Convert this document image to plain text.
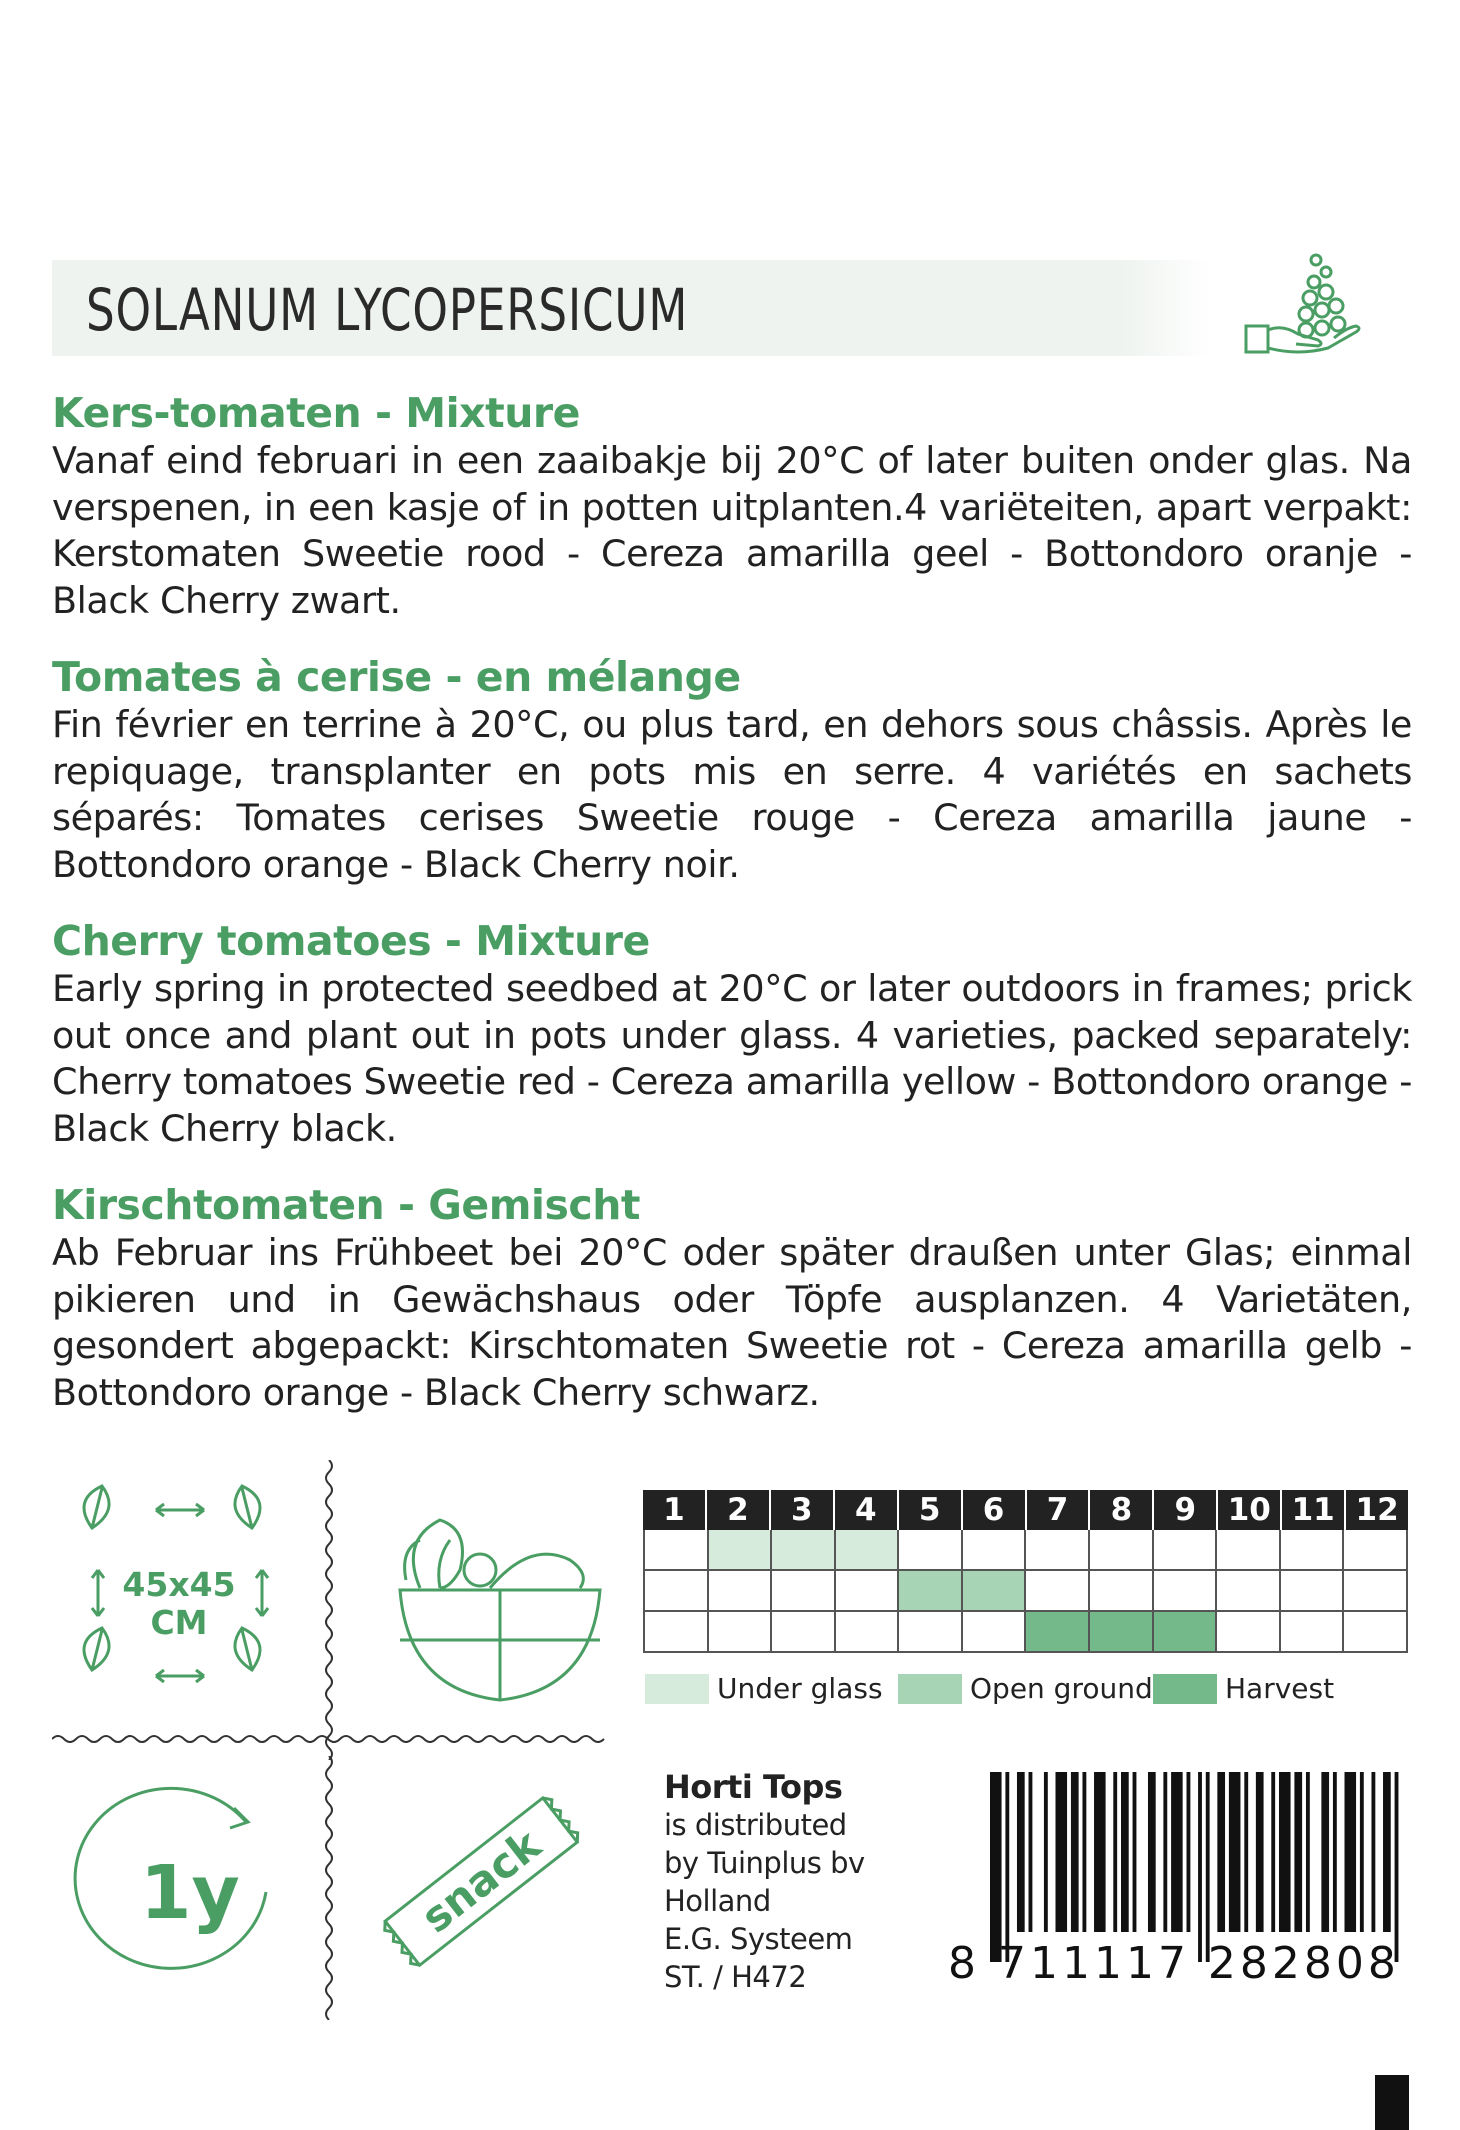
SOLANUM LYCOPERSICUM
Kers-tomaten - Mixture

Vanaf eind februari in een zaaibakje bij 20°C of later buiten onder glas. Na verspenen, in een kasje of in potten uitplanten.4 variëteiten, apart verpakt: Kerstomaten Sweetie rood - Cereza amarilla geel - Bottondoro oranje - Black Cherry zwart.

Tomates à cerise - en mélange

Fin février en terrine à 20°C, ou plus tard, en dehors sous châssis. Après le repiquage, transplanter en pots mis en serre. 4 variétés en sachets séparés: Tomates cerises Sweetie rouge - Cereza amarilla jaune - Bottondoro orange - Black Cherry noir.

Cherry tomatoes - Mixture

Early spring in protected seedbed at 20°C or later outdoors in frames; prick out once and plant out in pots under glass. 4 varieties, packed separately: Cherry tomatoes Sweetie red - Cereza amarilla yellow - Bottondoro orange - Black Cherry black.

Kirschtomaten - Gemischt

Ab Februar ins Frühbeet bei 20°C oder später draußen unter Glas; einmal pikieren und in Gewächshaus oder Töpfe ausplanzen. 4 Varietäten, gesondert abgepackt: Kirschtomaten Sweetie rot - Cereza amarilla gelb - Bottondoro orange - Black Cherry schwarz.

45x45
CM
1y	snack
1	2	3	4	5	6	7	8	9	10 11 12
Under glass	Open ground	Harvest
Horti Tops
is distributed
by Tuinplus bv
Holland
E.G. Systeem
ST. / H472	8 711117 282808
